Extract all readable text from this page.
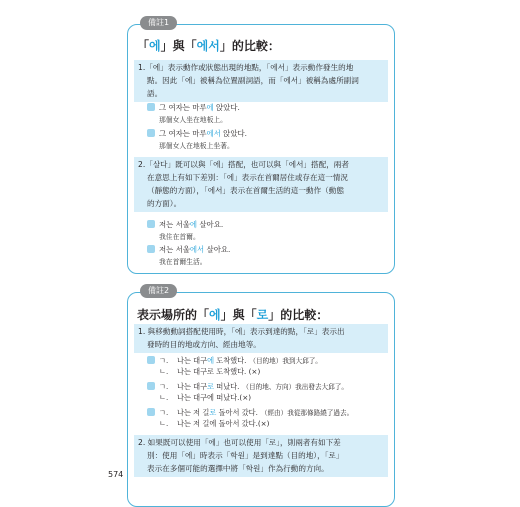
備註1
「에」與「에서」的比較：
1.「에」表示動作或狀態出現的地點，「에서」表示動作發生的地
點。因此「에」被稱為位置副詞語，而「에서」被稱為處所副詞
語。
그 여자는 마루에 앉았다.
那個女人坐在地板上。
그 여자는 마루에서 앉았다.
那個女人在地板上坐著。
2.「살다」既可以與「에」搭配，也可以與「에서」搭配，兩者
在意思上有如下差別：「에」表示在首爾居住或存在這一情況
（靜態的方面），「에서」表示在首爾生活的這一動作（動態
的方面）。
저는 서울에 살아요.
我住在首爾。
저는 서울에서 살아요.
我在首爾生活。
備註2
表示場所的「에」與「로」的比較：
1. 與移動動詞搭配使用時，「에」表示到達的點，「로」表示出
發時的目的地或方向、經由地等。
ㄱ. 나는 대구에 도착했다. （目的地）我到大邱了。
ㄴ. 나는 대구로 도착했다. (×)
ㄱ. 나는 대구로 떠났다. （目的地、方向）我出發去大邱了。
ㄴ. 나는 대구에 떠났다.(×)
ㄱ. 나는 저 길로 돌아서 갔다. （經由）我從那條路繞了過去。
ㄴ. 나는 저 길에 돌아서 갔다.(×)
2. 如果既可以使用「에」也可以使用「로」，則兩者有如下差
別：使用「에」時表示「학원」是到達點（目的地），「로」
表示在多個可能的選擇中將「학원」作為行動的方向。
574
